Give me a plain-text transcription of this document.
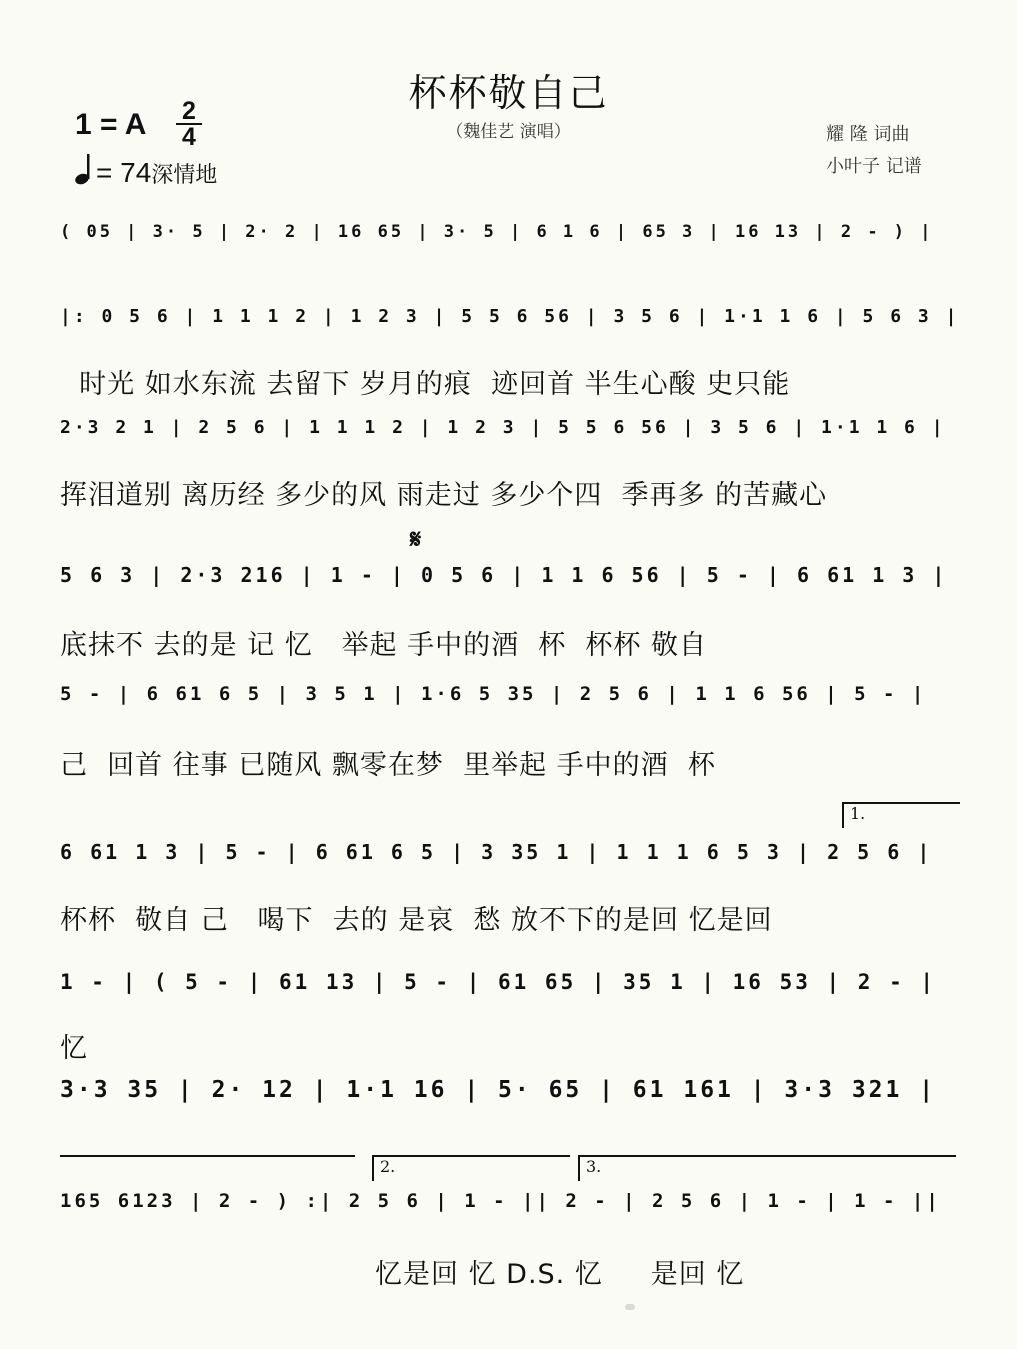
杯杯敬自己
（魏佳艺 演唱）	耀 隆 词曲
小叶子 记谱
1 = A 2
4
= 74深情地
( 05 | 3· 5 | 2· 2 | 16 65 | 3· 5 | 6 1 6 | 65 3 | 16 13 | 2 - ) |
|: 0 5 6 | 1 1 1 2 | 1 2 3 | 5 5 6 56 | 3 5 6 | 1·1 1 6 | 5 6 3 |
时光 如水东流 去留下 岁月的痕  迹回首 半生心酸 史只能
2·3 2 1 | 2 5 6 | 1 1 1 2 | 1 2 3 | 5 5 6 56 | 3 5 6 | 1·1 1 6 |
挥泪道别 离历经 多少的风 雨走过 多少个四  季再多 的苦藏心
𝄋
5 6 3 | 2·3 216 | 1 - | 0 5 6 | 1 1 6 56 | 5 - | 6 61 1 3 |
底抹不 去的是 记 忆   举起 手中的酒  杯  杯杯 敬自
5 - | 6 61 6 5 | 3 5 1 | 1·6 5 35 | 2 5 6 | 1 1 6 56 | 5 - |
己  回首 往事 已随风 飘零在梦  里举起 手中的酒  杯
1.
6 61 1 3 | 5 - | 6 61 6 5 | 3 35 1 | 1 1 1 6 5 3 | 2 5 6 |
杯杯  敬自 己   喝下  去的 是哀  愁 放不下的是回 忆是回
1 - | ( 5 - | 61 13 | 5 - | 61 65 | 35 1 | 16 53 | 2 - |
忆
3·3 35 | 2· 12 | 1·1 16 | 5· 65 | 61 161 | 3·3 321 |
2.	3.
165 6123 | 2 - ) :| 2 5 6 | 1 - || 2 - | 2 5 6 | 1 - | 1 - ||
忆是回 忆 D.S. 忆     是回 忆
